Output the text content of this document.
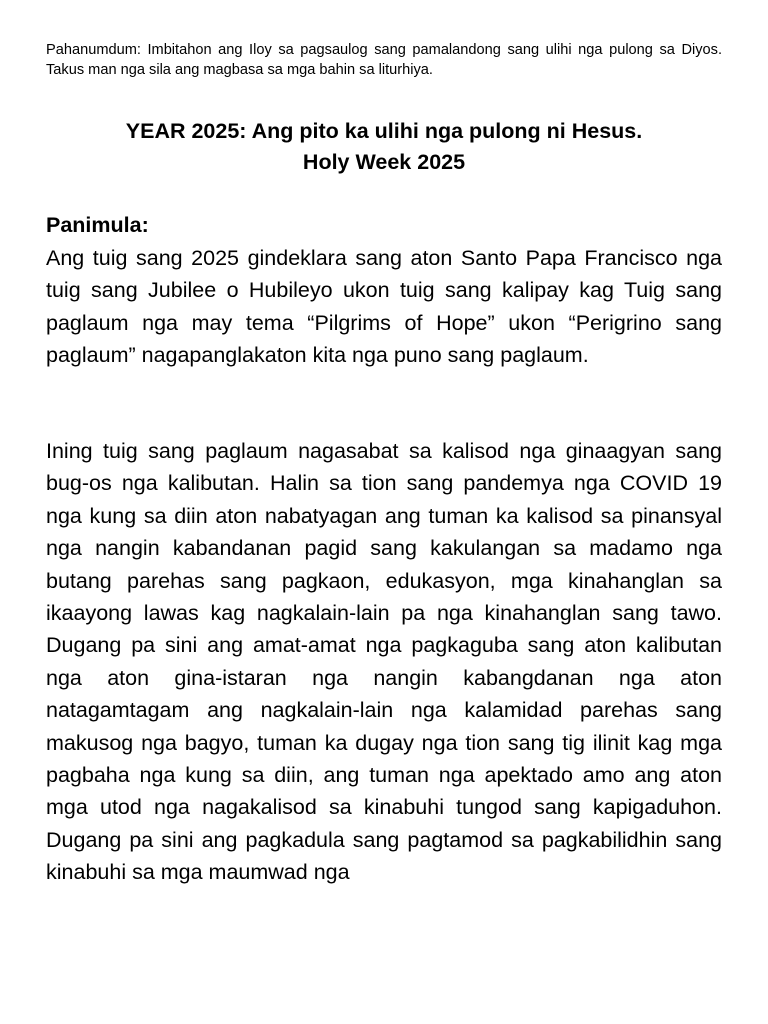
Pahanumdum: Imbitahon ang Iloy sa pagsaulog sang pamalandong sang ulihi nga pulong sa Diyos. Takus man nga sila ang magbasa sa mga bahin sa liturhiya.

YEAR 2025: Ang pito ka ulihi nga pulong ni Hesus.
Holy Week 2025
Panimula:

Ang tuig sang 2025 gindeklara sang aton Santo Papa Francisco nga tuig sang Jubilee o Hubileyo ukon tuig sang kalipay kag Tuig sang paglaum nga may tema “Pilgrims of Hope” ukon “Perigrino sang paglaum” nagapanglakaton kita nga puno sang paglaum.

Ining tuig sang paglaum nagasabat sa kalisod nga ginaagyan sang bug-os nga kalibutan. Halin sa tion sang pandemya nga COVID 19 nga kung sa diin aton nabatyagan ang tuman ka kalisod sa pinansyal nga nangin kabandanan pagid sang kakulangan sa madamo nga butang parehas sang pagkaon, edukasyon, mga kinahanglan sa ikaayong lawas kag nagkalain-lain pa nga kinahanglan sang tawo. Dugang pa sini ang amat-amat nga pagkaguba sang aton kalibutan nga aton gina-istaran nga nangin kabangdanan nga aton natagamtagam ang nagkalain-lain nga kalamidad parehas sang makusog nga bagyo, tuman ka dugay nga tion sang tig ilinit kag mga pagbaha nga kung sa diin, ang tuman nga apektado amo ang aton mga utod nga nagakalisod sa kinabuhi tungod sang kapigaduhon. Dugang pa sini ang pagkadula sang pagtamod sa pagkabilidhin sang kinabuhi sa mga maumwad nga
